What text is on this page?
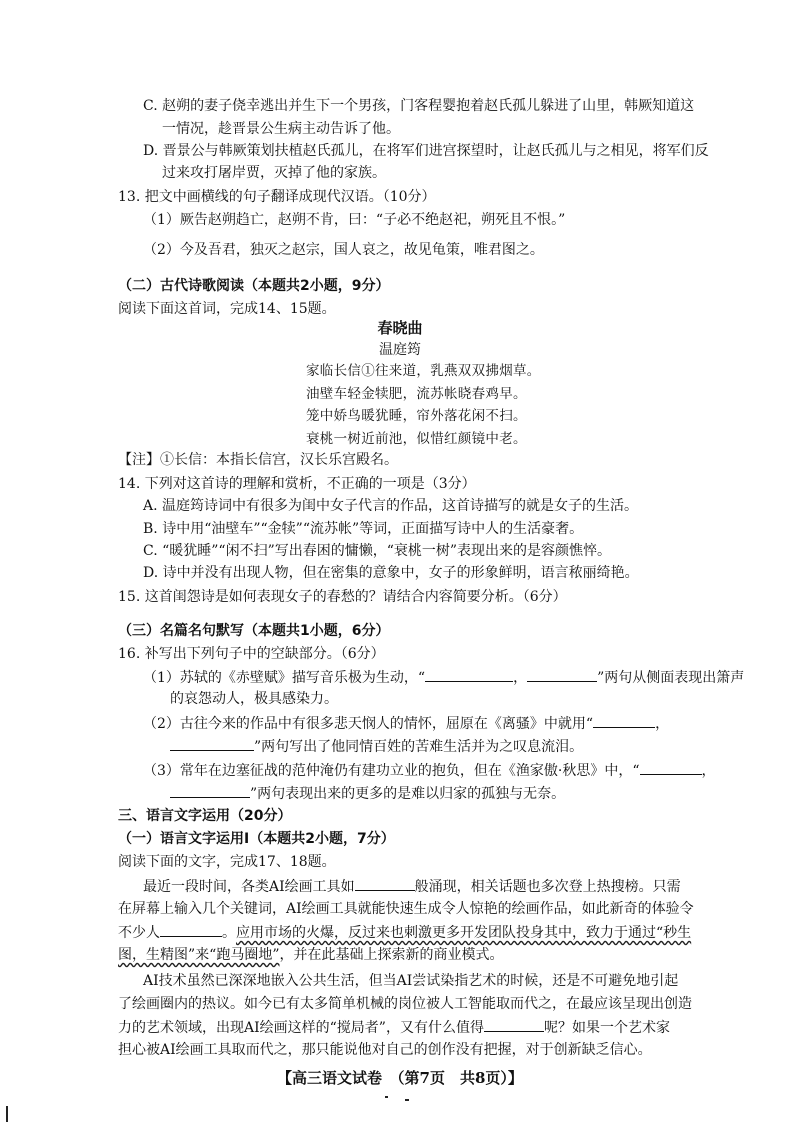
C. 赵朔的妻子侥幸逃出并生下一个男孩，门客程婴抱着赵氏孤儿躲进了山里，韩厥知道这
一情况，趁晋景公生病主动告诉了他。
D. 晋景公与韩厥策划扶植赵氏孤儿，在将军们进宫探望时，让赵氏孤儿与之相见，将军们反
过来攻打屠岸贾，灭掉了他的家族。
13. 把文中画横线的句子翻译成现代汉语。（10分）
（1）厥告赵朔趋亡，赵朔不肯，曰：“子必不绝赵祀，朔死且不恨。”
（2）今及吾君，独灭之赵宗，国人哀之，故见龟策，唯君图之。
（二）古代诗歌阅读（本题共2小题，9分）
阅读下面这首词，完成14、15题。
春晓曲
温庭筠
家临长信①往来道，乳燕双双拂烟草。
油壁车轻金犊肥，流苏帐晓春鸡早。
笼中娇鸟暖犹睡，帘外落花闲不扫。
衰桃一树近前池，似惜红颜镜中老。
【注】①长信：本指长信宫，汉长乐宫殿名。
14. 下列对这首诗的理解和赏析，不正确的一项是（3分）
A. 温庭筠诗词中有很多为闺中女子代言的作品，这首诗描写的就是女子的生活。
B. 诗中用“油壁车”“金犊”“流苏帐”等词，正面描写诗中人的生活豪奢。
C. “暖犹睡”“闲不扫”写出春困的慵懒，“衰桃一树”表现出来的是容颜憔悴。
D. 诗中并没有出现人物，但在密集的意象中，女子的形象鲜明，语言秾丽绮艳。
15. 这首闺怨诗是如何表现女子的春愁的？请结合内容简要分析。（6分）
（三）名篇名句默写（本题共1小题，6分）
16. 补写出下列句子中的空缺部分。（6分）
（1）苏轼的《赤壁赋》描写音乐极为生动，“	，	”两句从侧面表现出箫声
的哀怨动人，极具感染力。
（2）古往今来的作品中有很多悲天悯人的情怀，屈原在《离骚》中就用“	，
”两句写出了他同情百姓的苦难生活并为之叹息流泪。
（3）常年在边塞征战的范仲淹仍有建功立业的抱负，但在《渔家傲·秋思》中，“	，
”两句表现出来的更多的是难以归家的孤独与无奈。
三、语言文字运用（20分）
（一）语言文字运用Ⅰ（本题共2小题，7分）
阅读下面的文字，完成17、18题。
最近一段时间，各类AI绘画工具如	般涌现，相关话题也多次登上热搜榜。只需
在屏幕上输入几个关键词，AI绘画工具就能快速生成令人惊艳的绘画作品，如此新奇的体验令
不少人	。应用市场的火爆，反过来也刺激更多开发团队投身其中，致力于通过“秒生
图，生精图”来“跑马圈地”，并在此基础上探索新的商业模式。
AI技术虽然已深深地嵌入公共生活，但当AI尝试染指艺术的时候，还是不可避免地引起
了绘画圈内的热议。如今已有太多简单机械的岗位被人工智能取而代之，在最应该呈现出创造
力的艺术领域，出现AI绘画这样的“搅局者”，又有什么值得	呢？如果一个艺术家
担心被AI绘画工具取而代之，那只能说他对自己的创作没有把握，对于创新缺乏信心。
【高三语文试卷　（第7页　共8页）】
